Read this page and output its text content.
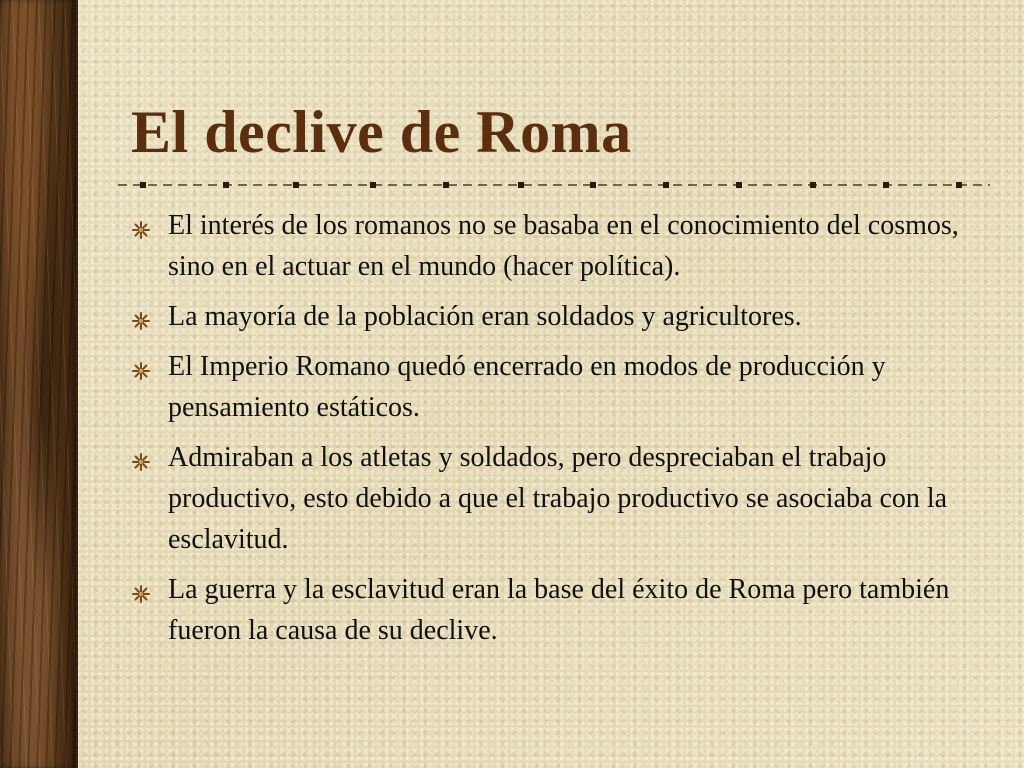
El declive de Roma
El interés de los romanos no se basaba en el conocimiento del cosmos, sino en el actuar en el mundo (hacer política).
La mayoría de la población eran soldados y agricultores.
El Imperio Romano quedó encerrado en modos de producción y pensamiento estáticos.
Admiraban a los atletas y soldados, pero despreciaban el trabajo productivo, esto debido a que el trabajo productivo se asociaba con la esclavitud.
La guerra y la esclavitud eran la base del éxito de Roma pero también fueron la causa de su declive.
